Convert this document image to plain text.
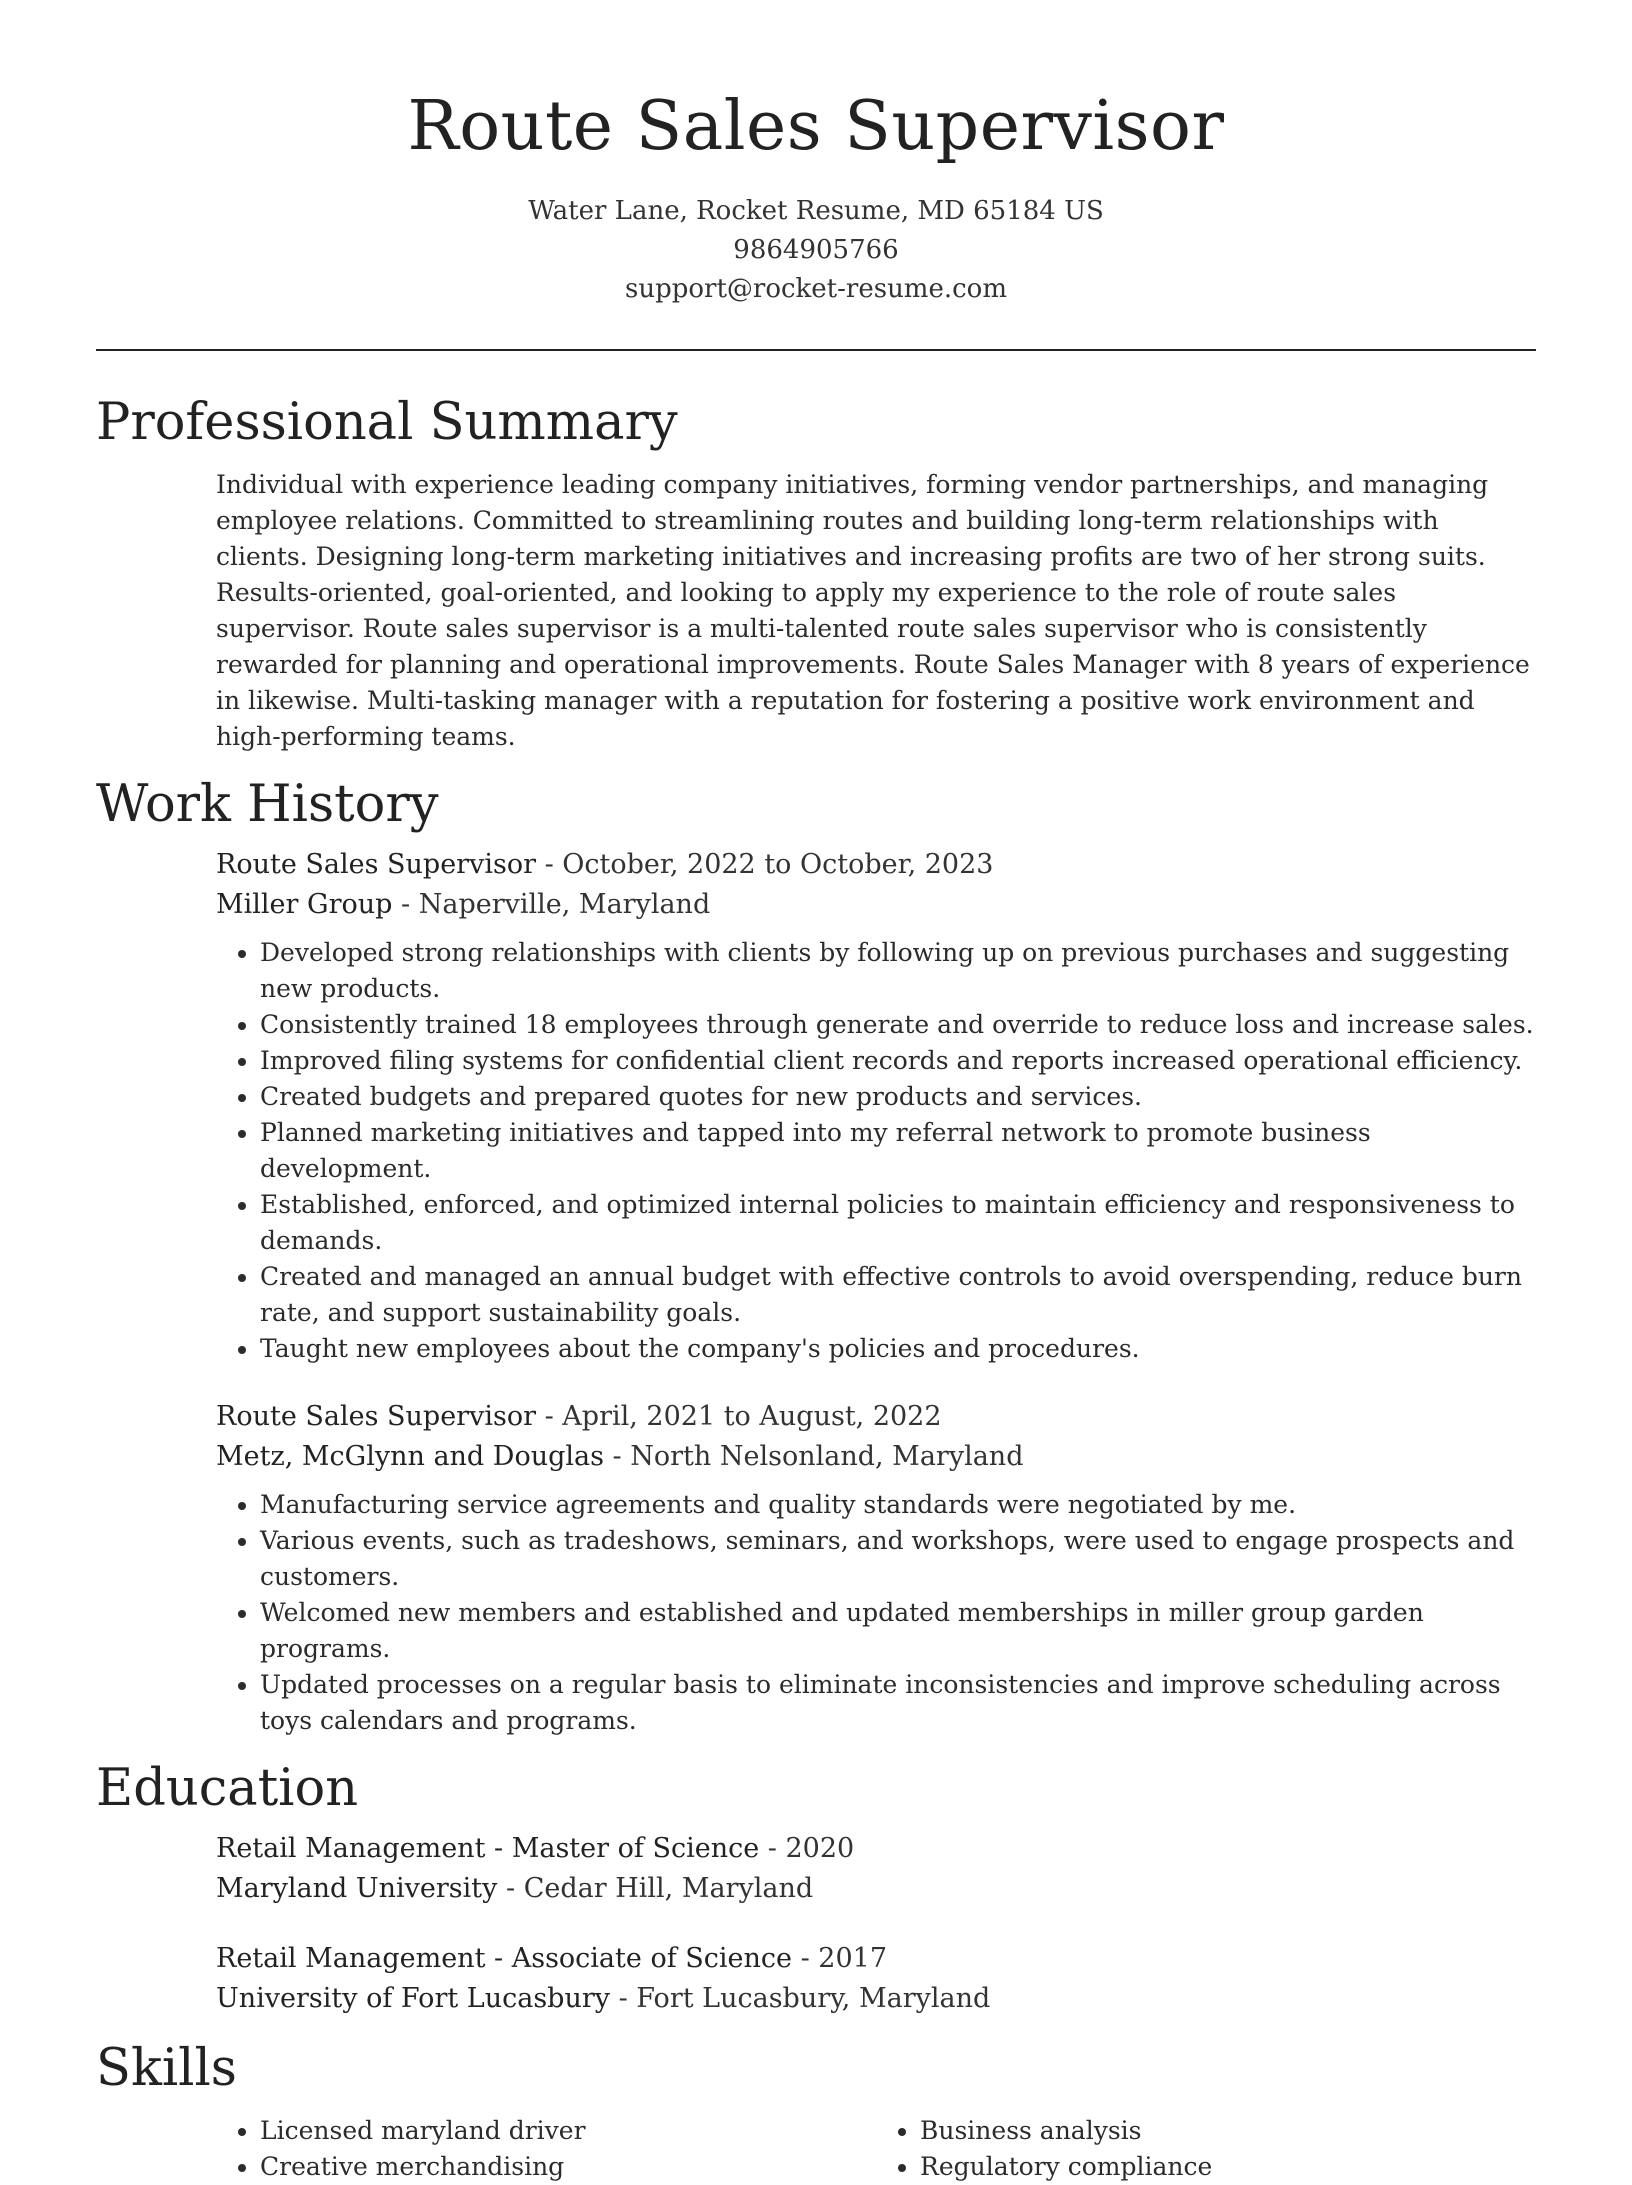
Route Sales Supervisor
Water Lane, Rocket Resume, MD 65184 US
9864905766
support@rocket-resume.com
Professional Summary

Individual with experience leading company initiatives, forming vendor partnerships, and managing employee relations. Committed to streamlining routes and building long-term relationships with clients. Designing long-term marketing initiatives and increasing profits are two of her strong suits. Results-oriented, goal-oriented, and looking to apply my experience to the role of route sales supervisor. Route sales supervisor is a multi-talented route sales supervisor who is consistently rewarded for planning and operational improvements. Route Sales Manager with 8 years of experience in likewise. Multi-tasking manager with a reputation for fostering a positive work environment and high-performing teams.

Work History
Route Sales Supervisor - October, 2022 to October, 2023
Miller Group - Naperville, Maryland
• Developed strong relationships with clients by following up on previous purchases and suggesting new products.
• Consistently trained 18 employees through generate and override to reduce loss and increase sales.
• Improved filing systems for confidential client records and reports increased operational efficiency.
• Created budgets and prepared quotes for new products and services.
• Planned marketing initiatives and tapped into my referral network to promote business development.
• Established, enforced, and optimized internal policies to maintain efficiency and responsiveness to demands.
• Created and managed an annual budget with effective controls to avoid overspending, reduce burn rate, and support sustainability goals.
• Taught new employees about the company's policies and procedures.
Route Sales Supervisor - April, 2021 to August, 2022
Metz, McGlynn and Douglas - North Nelsonland, Maryland
• Manufacturing service agreements and quality standards were negotiated by me.
• Various events, such as tradeshows, seminars, and workshops, were used to engage prospects and customers.
• Welcomed new members and established and updated memberships in miller group garden programs.
• Updated processes on a regular basis to eliminate inconsistencies and improve scheduling across toys calendars and programs.
Education
Retail Management - Master of Science - 2020
Maryland University - Cedar Hill, Maryland
Retail Management - Associate of Science - 2017
University of Fort Lucasbury - Fort Lucasbury, Maryland
Skills
• Licensed maryland driver
• Creative merchandising
• Business analysis
• Regulatory compliance
